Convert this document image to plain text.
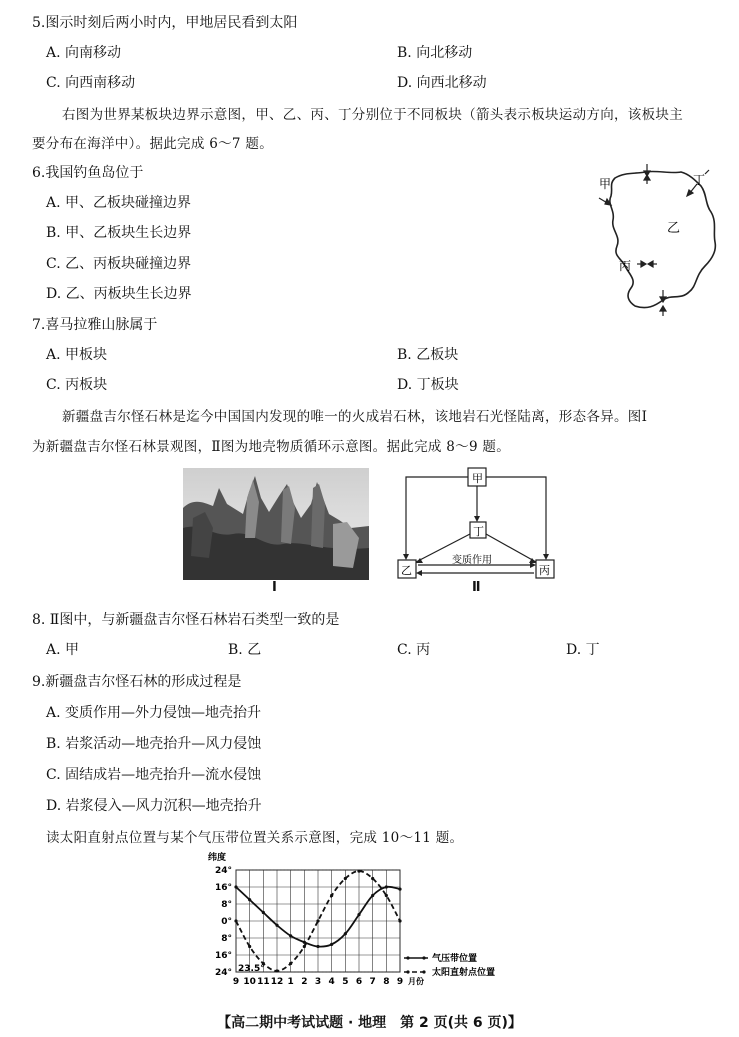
5.图示时刻后两小时内，甲地居民看到太阳
A. 向南移动	B. 向北移动
C. 向西南移动	D. 向西北移动
右图为世界某板块边界示意图，甲、乙、丙、丁分别位于不同板块（箭头表示板块运动方向，该板块主
要分布在海洋中）。据此完成 6～7 题。
6.我国钓鱼岛位于
A. 甲、乙板块碰撞边界
B. 甲、乙板块生长边界
C. 乙、丙板块碰撞边界
D. 乙、丙板块生长边界
甲	丁
乙
丙
7.喜马拉雅山脉属于
A. 甲板块	B. 乙板块
C. 丙板块	D. 丁板块
新疆盘吉尔怪石林是迄今中国国内发现的唯一的火成岩石林，该地岩石光怪陆离，形态各异。图Ⅰ
为新疆盘吉尔怪石林景观图，Ⅱ图为地壳物质循环示意图。据此完成 8～9 题。
Ⅰ
甲
丁
乙	丙
变质作用
Ⅱ
8. Ⅱ图中，与新疆盘吉尔怪石林岩石类型一致的是
A. 甲	B. 乙	C. 丙	D. 丁
9.新疆盘吉尔怪石林的形成过程是
A. 变质作用—外力侵蚀—地壳抬升
B. 岩浆活动—地壳抬升—风力侵蚀
C. 固结成岩—地壳抬升—流水侵蚀
D. 岩浆侵入—风力沉积—地壳抬升
读太阳直射点位置与某个气压带位置关系示意图，完成 10～11 题。
纬度
24°
16°
8°
0°
8°
16°
24°
9 10 11 12 1 2 3 4 5 6 7 8 9 月份
气压带位置
太阳直射点位置
23.5°
【高二期中考试试题 · 地理　第 2 页(共 6 页)】
